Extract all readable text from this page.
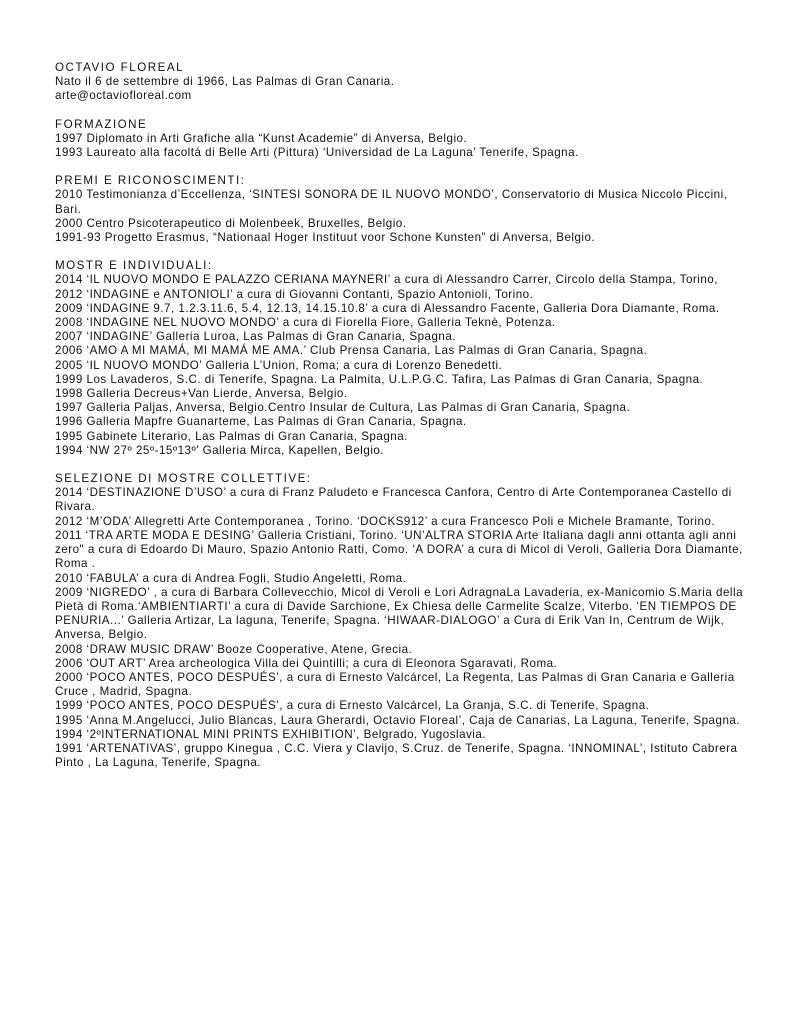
OCTAVIO FLOREAL
Nato il 6 de settembre di 1966, Las Palmas di Gran Canaria.
arte@octaviofloreal.com
FORMAZIONE
1997 Diplomato in Arti Grafiche alla “Kunst Academie” di Anversa, Belgio.
1993 Laureato alla facoltá di Belle Arti (Pittura) ‘Universidad de La Laguna’ Tenerife, Spagna.
PREMI E RICONOSCIMENTI:
2010 Testimonianza d’Eccellenza, ‘SINTESI SONORA DE IL NUOVO MONDO’, Conservatorio di Musica Niccolo Piccini, Bari.
2000 Centro Psicoterapeutico di Molenbeek, Bruxelles, Belgio.
1991-93 Progetto Erasmus, “Nationaal Hoger Instituut voor Schone Kunsten” di Anversa, Belgio.
MOSTR E INDIVIDUALI:
2014 ‘IL NUOVO MONDO E PALAZZO CERIANA MAYNERI’ a cura di Alessandro Carrer, Circolo della Stampa, Torino,
2012 ‘INDAGINE e ANTONIOLI’ a cura di Giovanni Contanti, Spazio Antonioli, Torino.
2009 ‘INDAGINE 9.7, 1.2.3.11.6, 5.4, 12.13, 14.15.10.8’ a cura di Alessandro Facente, Galleria Dora Diamante, Roma.
2008 ‘INDAGINE NEL NUOVO MONDO’ a cura di Fiorella Fiore, Galleria Teknè, Potenza.
2007 ‘INDAGINE’ Galleria Luroa, Las Palmas di Gran Canaria, Spagna.
2006 ‘AMO A MI MAMÁ, MI MAMÁ ME AMA.’ Club Prensa Canaria, Las Palmas di Gran Canaria, Spagna.
2005 ‘IL NUOVO MONDO’ Galleria L’Union, Roma; a cura di Lorenzo Benedetti.
1999 Los Lavaderos, S.C. di Tenerife, Spagna. La Palmita, U.L.P.G.C. Tafira, Las Palmas di Gran Canaria, Spagna.
1998 Galleria Decreus+Van Lierde, Anversa, Belgio.
1997 Galleria Paljas, Anversa, Belgio.Centro Insular de Cultura, Las Palmas di Gran Canaria, Spagna.
1996 Galleria Mapfre Guanarteme, Las Palmas di Gran Canaria, Spagna.
1995 Gabinete Literario, Las Palmas di Gran Canaria, Spagna.
1994 ‘NW 27º 25º-15º13º’ Galleria Mirca, Kapellen, Belgio.
SELEZIONE DI MOSTRE COLLETTIVE:
2014 ‘DESTINAZIONE D’USO’ a cura di Franz Paludeto e Francesca Canfora, Centro di Arte Contemporanea Castello di Rivara.
2012 ‘M’ODA’ Allegretti Arte Contemporanea , Torino. ‘DOCKS912’ a cura Francesco Poli e Michele Bramante, Torino.
2011 ‘TRA ARTE MODA E DESING’ Galleria Cristiani, Torino. ‘UN’ALTRA STORIA Arte Italiana dagli anni ottanta agli anni zero" a cura di Edoardo Di Mauro, Spazio Antonio Ratti, Como. ‘A DORA’ a cura di Micol di Veroli, Galleria Dora Diamante, Roma .
2010 ‘FABULA’ a cura di Andrea Fogli, Studio Angeletti, Roma.
2009 ‘NIGREDO’ , a cura di Barbara Collevecchio, Micol di Veroli e Lori AdragnaLa Lavaderia, ex-Manicomio S.Maria della Pietà di Roma.‘AMBIENTIARTI’ a cura di Davide Sarchione, Ex Chiesa delle Carmelite Scalze, Viterbo. ‘EN TIEMPOS DE PENURIA...’ Galleria Artizar, La laguna, Tenerife, Spagna. ‘HIWAAR-DIALOGO’ a Cura di Erik Van In, Centrum de Wijk, Anversa, Belgio.
2008 ‘DRAW MUSIC DRAW’ Booze Cooperative, Atene, Grecia.
2006 ‘OUT ART’ Area archeologica Villa dei Quintilli; a cura di Eleonora Sgaravati, Roma.
2000 ‘POCO ANTES, POCO DESPUÉS’, a cura di Ernesto Valcárcel, La Regenta, Las Palmas di Gran Canaria e Galleria Cruce , Madrid, Spagna.
1999 ‘POCO ANTES, POCO DESPUÉS’, a cura di Ernesto Valcárcel, La Granja, S.C. di Tenerife, Spagna.
1995 ‘Anna M.Angelucci, Julio Blancas, Laura Gherardi, Octavio Floreal’, Caja de Canarias, La Laguna, Tenerife, Spagna.
1994 ‘2ºINTERNATIONAL MINI PRINTS EXHIBITION’, Belgrado, Yugoslavia.
1991 ‘ARTENATIVAS’, gruppo Kinegua , C.C. Viera y Clavijo, S.Cruz. de Tenerife, Spagna. ‘INNOMINAL’, Istituto Cabrera Pinto , La Laguna, Tenerife, Spagna.
